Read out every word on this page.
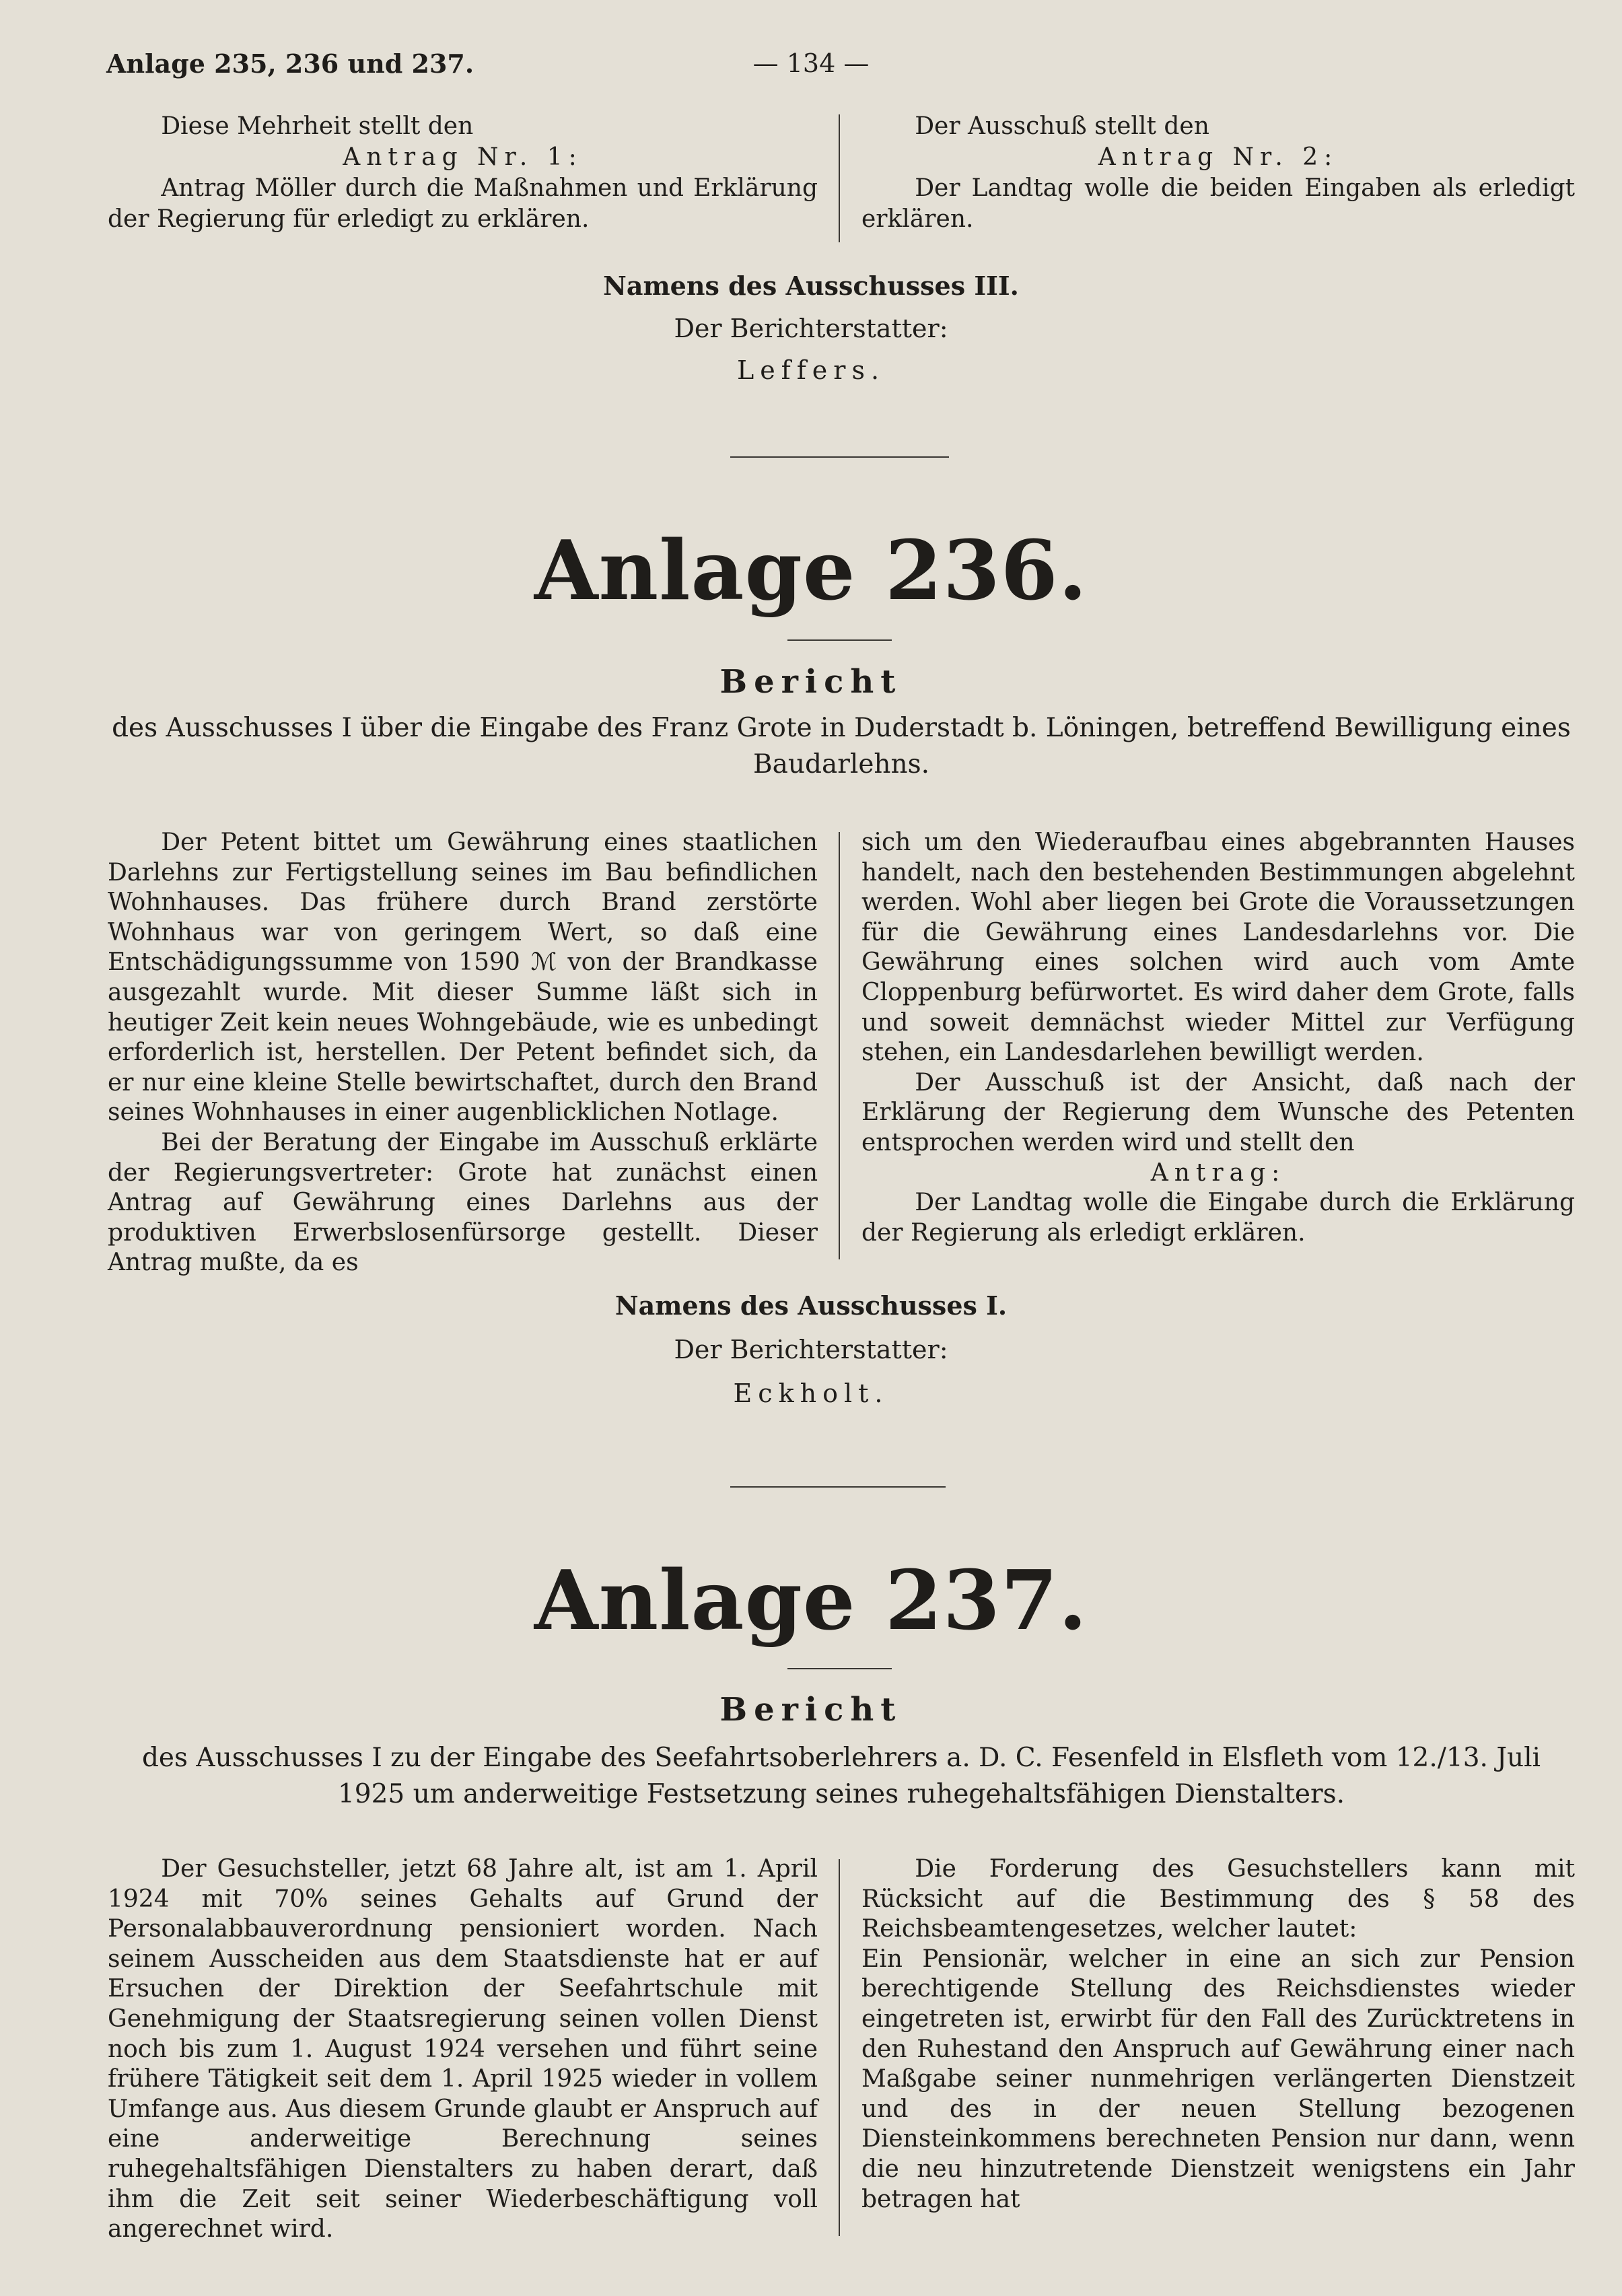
Anlage 235, 236 und 237.	— 134 —

Diese Mehrheit stellt den

Antrag Nr. 1:

Antrag Möller durch die Maßnahmen und Erklärung der Regierung für erledigt zu erklären.

Der Ausschuß stellt den

Antrag Nr. 2:

Der Landtag wolle die beiden Eingaben als erledigt erklären.

Namens des Ausschusses III.
Der Berichterstatter:
Leffers.
Anlage 236.
Bericht
des Ausschusses I über die Eingabe des Franz Grote in Duderstadt b. Löningen, betreffend Bewilligung eines Baudarlehns.

Der Petent bittet um Gewährung eines staatlichen Darlehns zur Fertigstellung seines im Bau befindlichen Wohnhauses. Das frühere durch Brand zerstörte Wohnhaus war von geringem Wert, so daß eine Entschädigungssumme von 1590 ℳ von der Brandkasse ausgezahlt wurde. Mit dieser Summe läßt sich in heutiger Zeit kein neues Wohngebäude, wie es unbedingt erforderlich ist, herstellen. Der Petent befindet sich, da er nur eine kleine Stelle bewirtschaftet, durch den Brand seines Wohnhauses in einer augenblicklichen Notlage.

Bei der Beratung der Eingabe im Ausschuß erklärte der Regierungsvertreter: Grote hat zunächst einen Antrag auf Gewährung eines Darlehns aus der produktiven Erwerbslosenfürsorge gestellt. Dieser Antrag mußte, da es

sich um den Wiederaufbau eines abgebrannten Hauses handelt, nach den bestehenden Bestimmungen abgelehnt werden. Wohl aber liegen bei Grote die Voraussetzungen für die Gewährung eines Landesdarlehns vor. Die Gewährung eines solchen wird auch vom Amte Cloppenburg befürwortet. Es wird daher dem Grote, falls und soweit demnächst wieder Mittel zur Verfügung stehen, ein Landesdarlehen bewilligt werden.

Der Ausschuß ist der Ansicht, daß nach der Erklärung der Regierung dem Wunsche des Petenten entsprochen werden wird und stellt den

Antrag:

Der Landtag wolle die Eingabe durch die Erklärung der Regierung als erledigt erklären.

Namens des Ausschusses I.
Der Berichterstatter:
Eckholt.
Anlage 237.
Bericht
des Ausschusses I zu der Eingabe des Seefahrtsoberlehrers a. D. C. Fesenfeld in Elsfleth vom 12./13. Juli 1925 um anderweitige Festsetzung seines ruhegehaltsfähigen Dienstalters.

Der Gesuchsteller, jetzt 68 Jahre alt, ist am 1. April 1924 mit 70% seines Gehalts auf Grund der Personalabbauverordnung pensioniert worden. Nach seinem Ausscheiden aus dem Staatsdienste hat er auf Ersuchen der Direktion der Seefahrtschule mit Genehmigung der Staatsregierung seinen vollen Dienst noch bis zum 1. August 1924 versehen und führt seine frühere Tätigkeit seit dem 1. April 1925 wieder in vollem Umfange aus. Aus diesem Grunde glaubt er Anspruch auf eine anderweitige Berechnung seines ruhegehaltsfähigen Dienstalters zu haben derart, daß ihm die Zeit seit seiner Wiederbeschäftigung voll angerechnet wird.

Die Forderung des Gesuchstellers kann mit Rücksicht auf die Bestimmung des § 58 des Reichsbeamtengesetzes, welcher lautet:

Ein Pensionär, welcher in eine an sich zur Pension berechtigende Stellung des Reichsdienstes wieder eingetreten ist, erwirbt für den Fall des Zurücktretens in den Ruhestand den Anspruch auf Gewährung einer nach Maßgabe seiner nunmehrigen verlängerten Dienstzeit und des in der neuen Stellung bezogenen Diensteinkommens berechneten Pension nur dann, wenn die neu hinzutretende Dienstzeit wenigstens ein Jahr betragen hat
